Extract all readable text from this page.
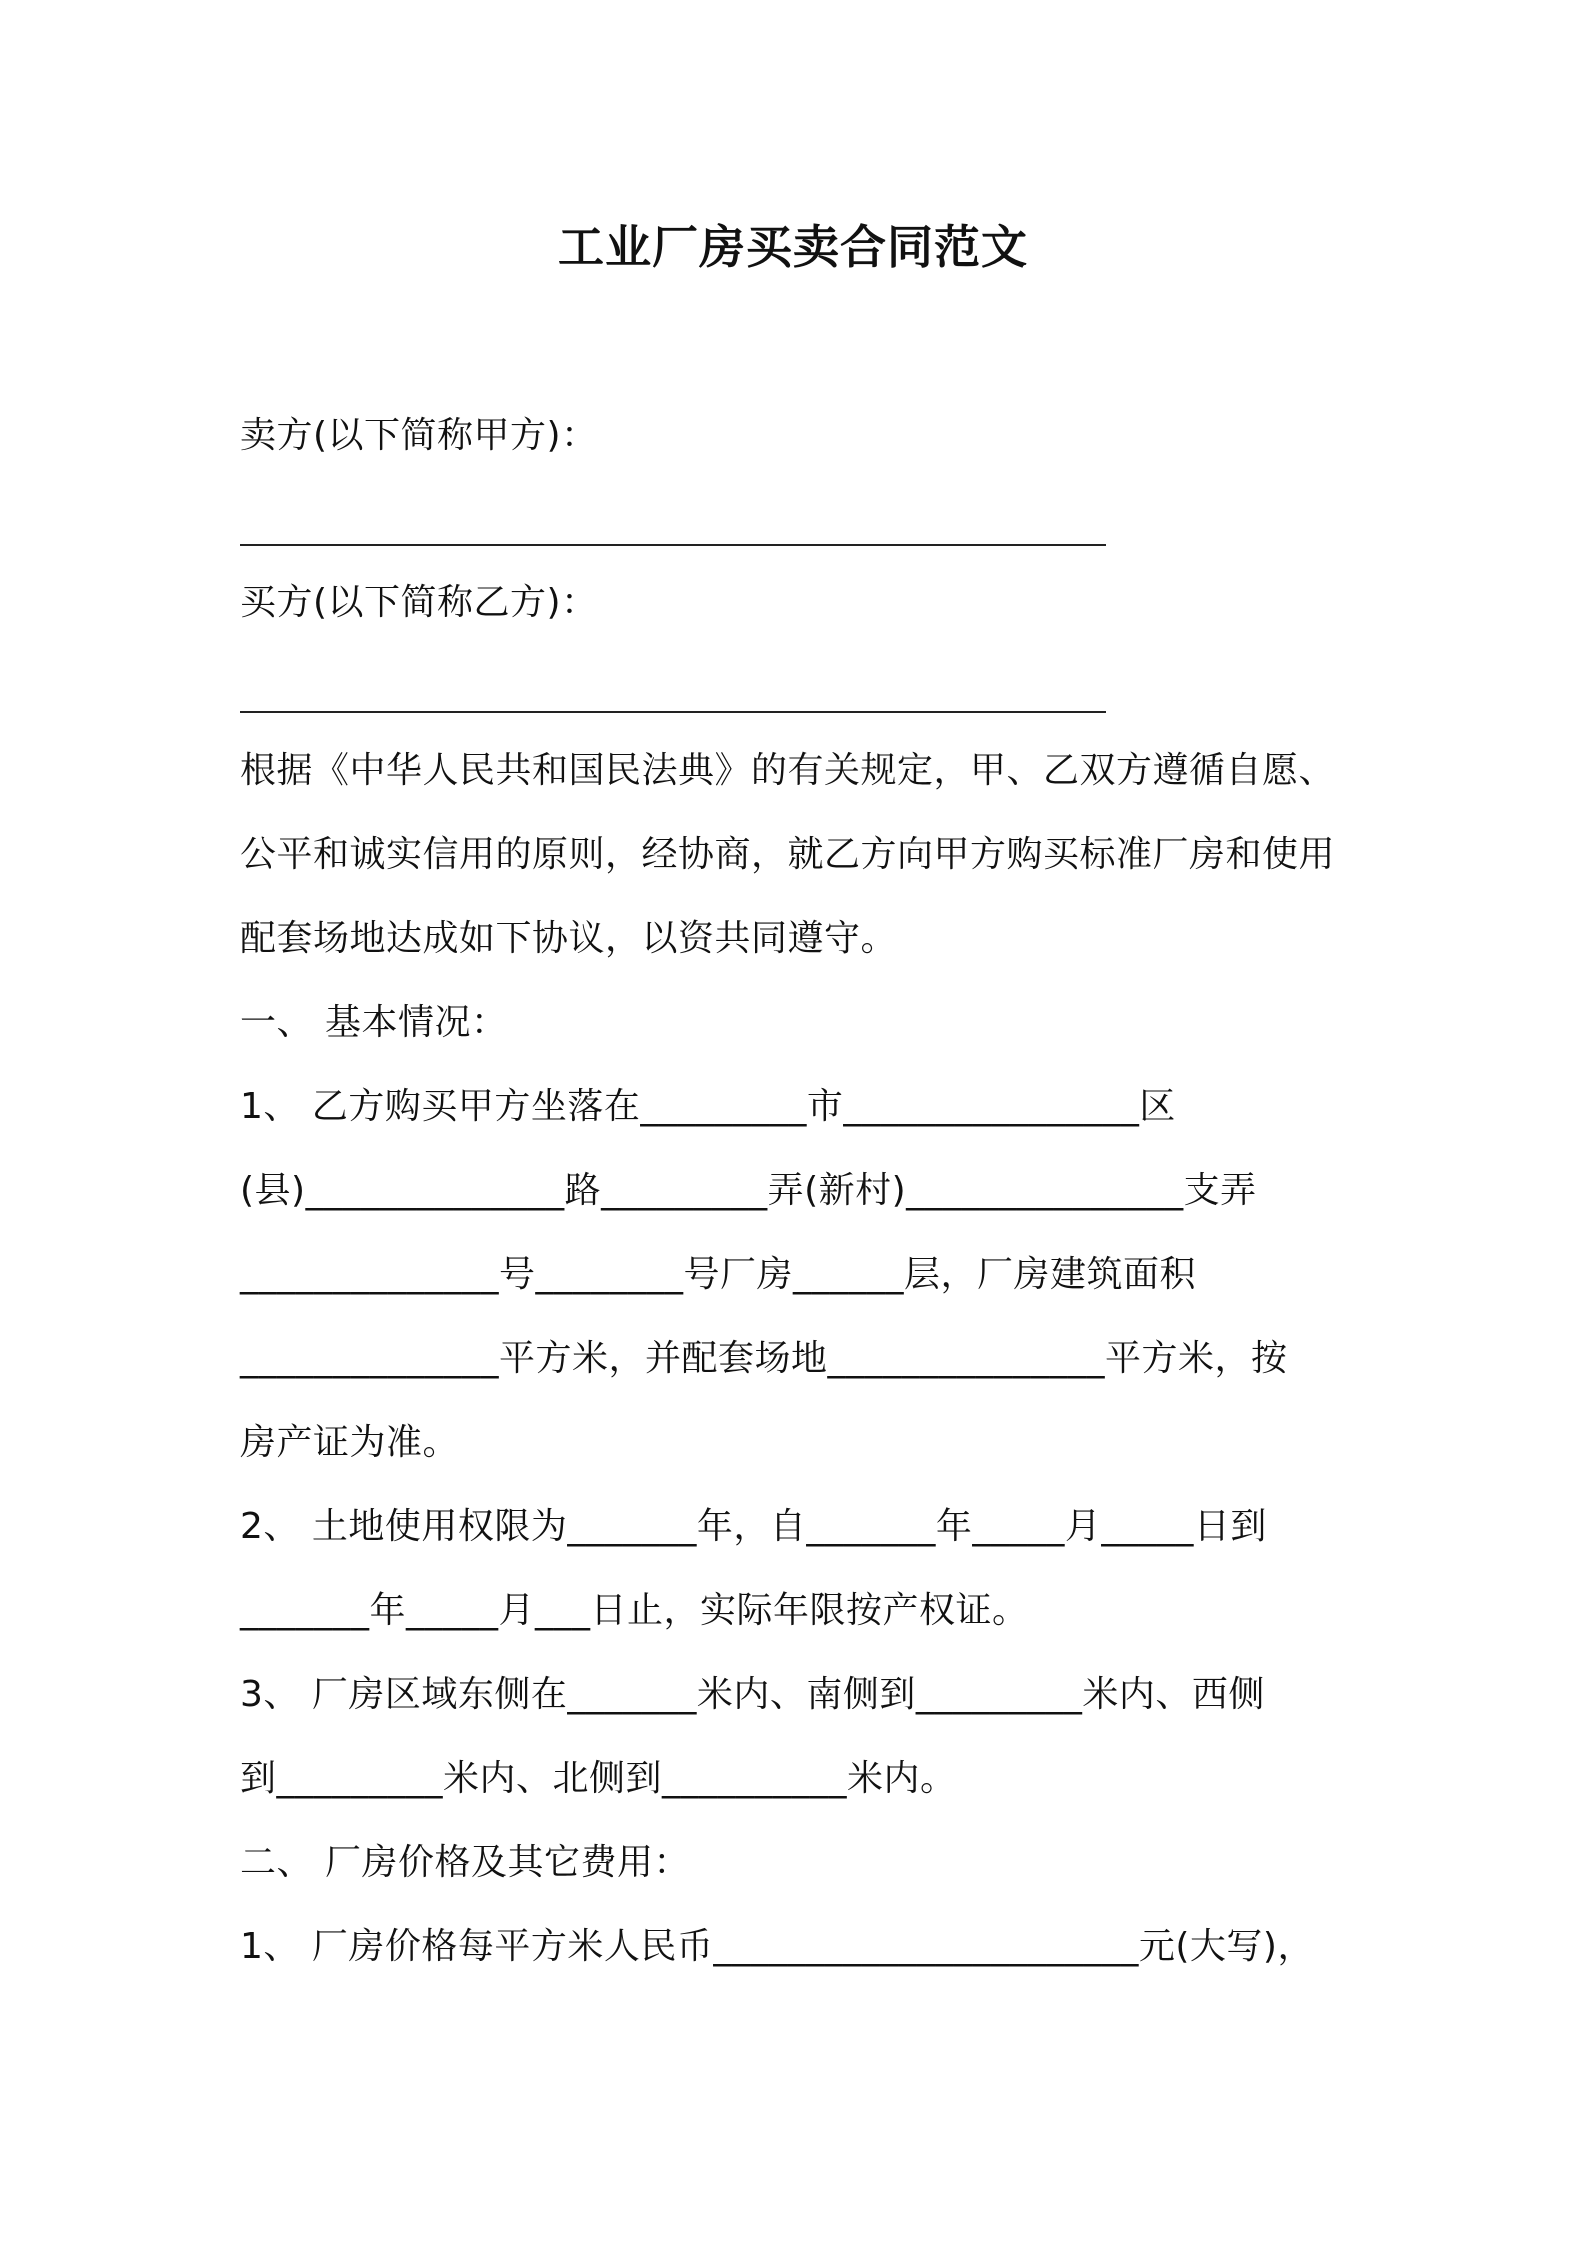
工业厂房买卖合同范文
卖方(以下简称甲方)：
买方(以下简称乙方)：
根据《中华人民共和国民法典》的有关规定，甲、乙双方遵循自愿、
公平和诚实信用的原则，经协商，就乙方向甲方购买标准厂房和使用
配套场地达成如下协议，以资共同遵守。
一、 基本情况：
1、 乙方购买甲方坐落在_________市________________区
(县)______________路_________弄(新村)_______________支弄
______________号________号厂房______层，厂房建筑面积
______________平方米，并配套场地_______________平方米，按
房产证为准。
2、 土地使用权限为_______年，自_______年_____月_____日到
_______年_____月___日止，实际年限按产权证。
3、 厂房区域东侧在_______米内、南侧到_________米内、西侧
到_________米内、北侧到__________米内。
二、 厂房价格及其它费用：
1、 厂房价格每平方米人民币_______________________元(大写)，
